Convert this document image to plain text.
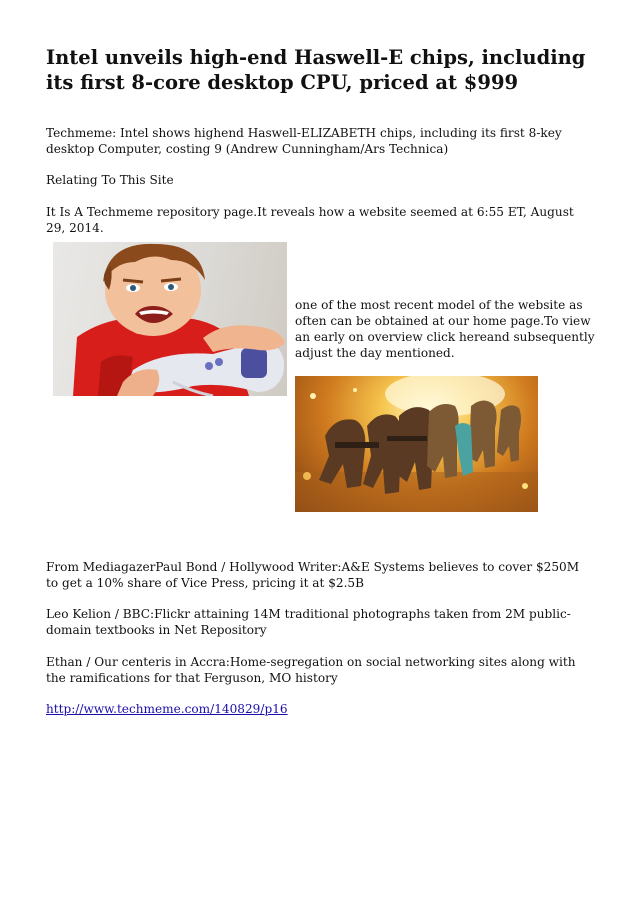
Intel unveils high-end Haswell-E chips, including its first 8-core desktop CPU, priced at $999

Techmeme: Intel shows highend Haswell-ELIZABETH chips, including its first 8-key desktop Computer, costing 9 (Andrew Cunningham/Ars Technica)

Relating To This Site

It Is A Techmeme repository page.It reveals how a website seemed at 6:55 ET, August 29, 2014.

From MediagazerPaul Bond / Hollywood Writer:A&E Systems believes to cover $250M to get a 10% share of Vice Press, pricing it at $2.5B

Leo Kelion / BBC:Flickr attaining 14M traditional photographs taken from 2M public-domain textbooks in Net Repository

Ethan / Our centeris in Accra:Home-segregation on social networking sites along with the ramifications for that Ferguson, MO history

http://www.techmeme.com/140829/p16

one of the most recent model of the website as often can be obtained at our home page.To view an early on overview click hereand subsequently adjust the day mentioned.
